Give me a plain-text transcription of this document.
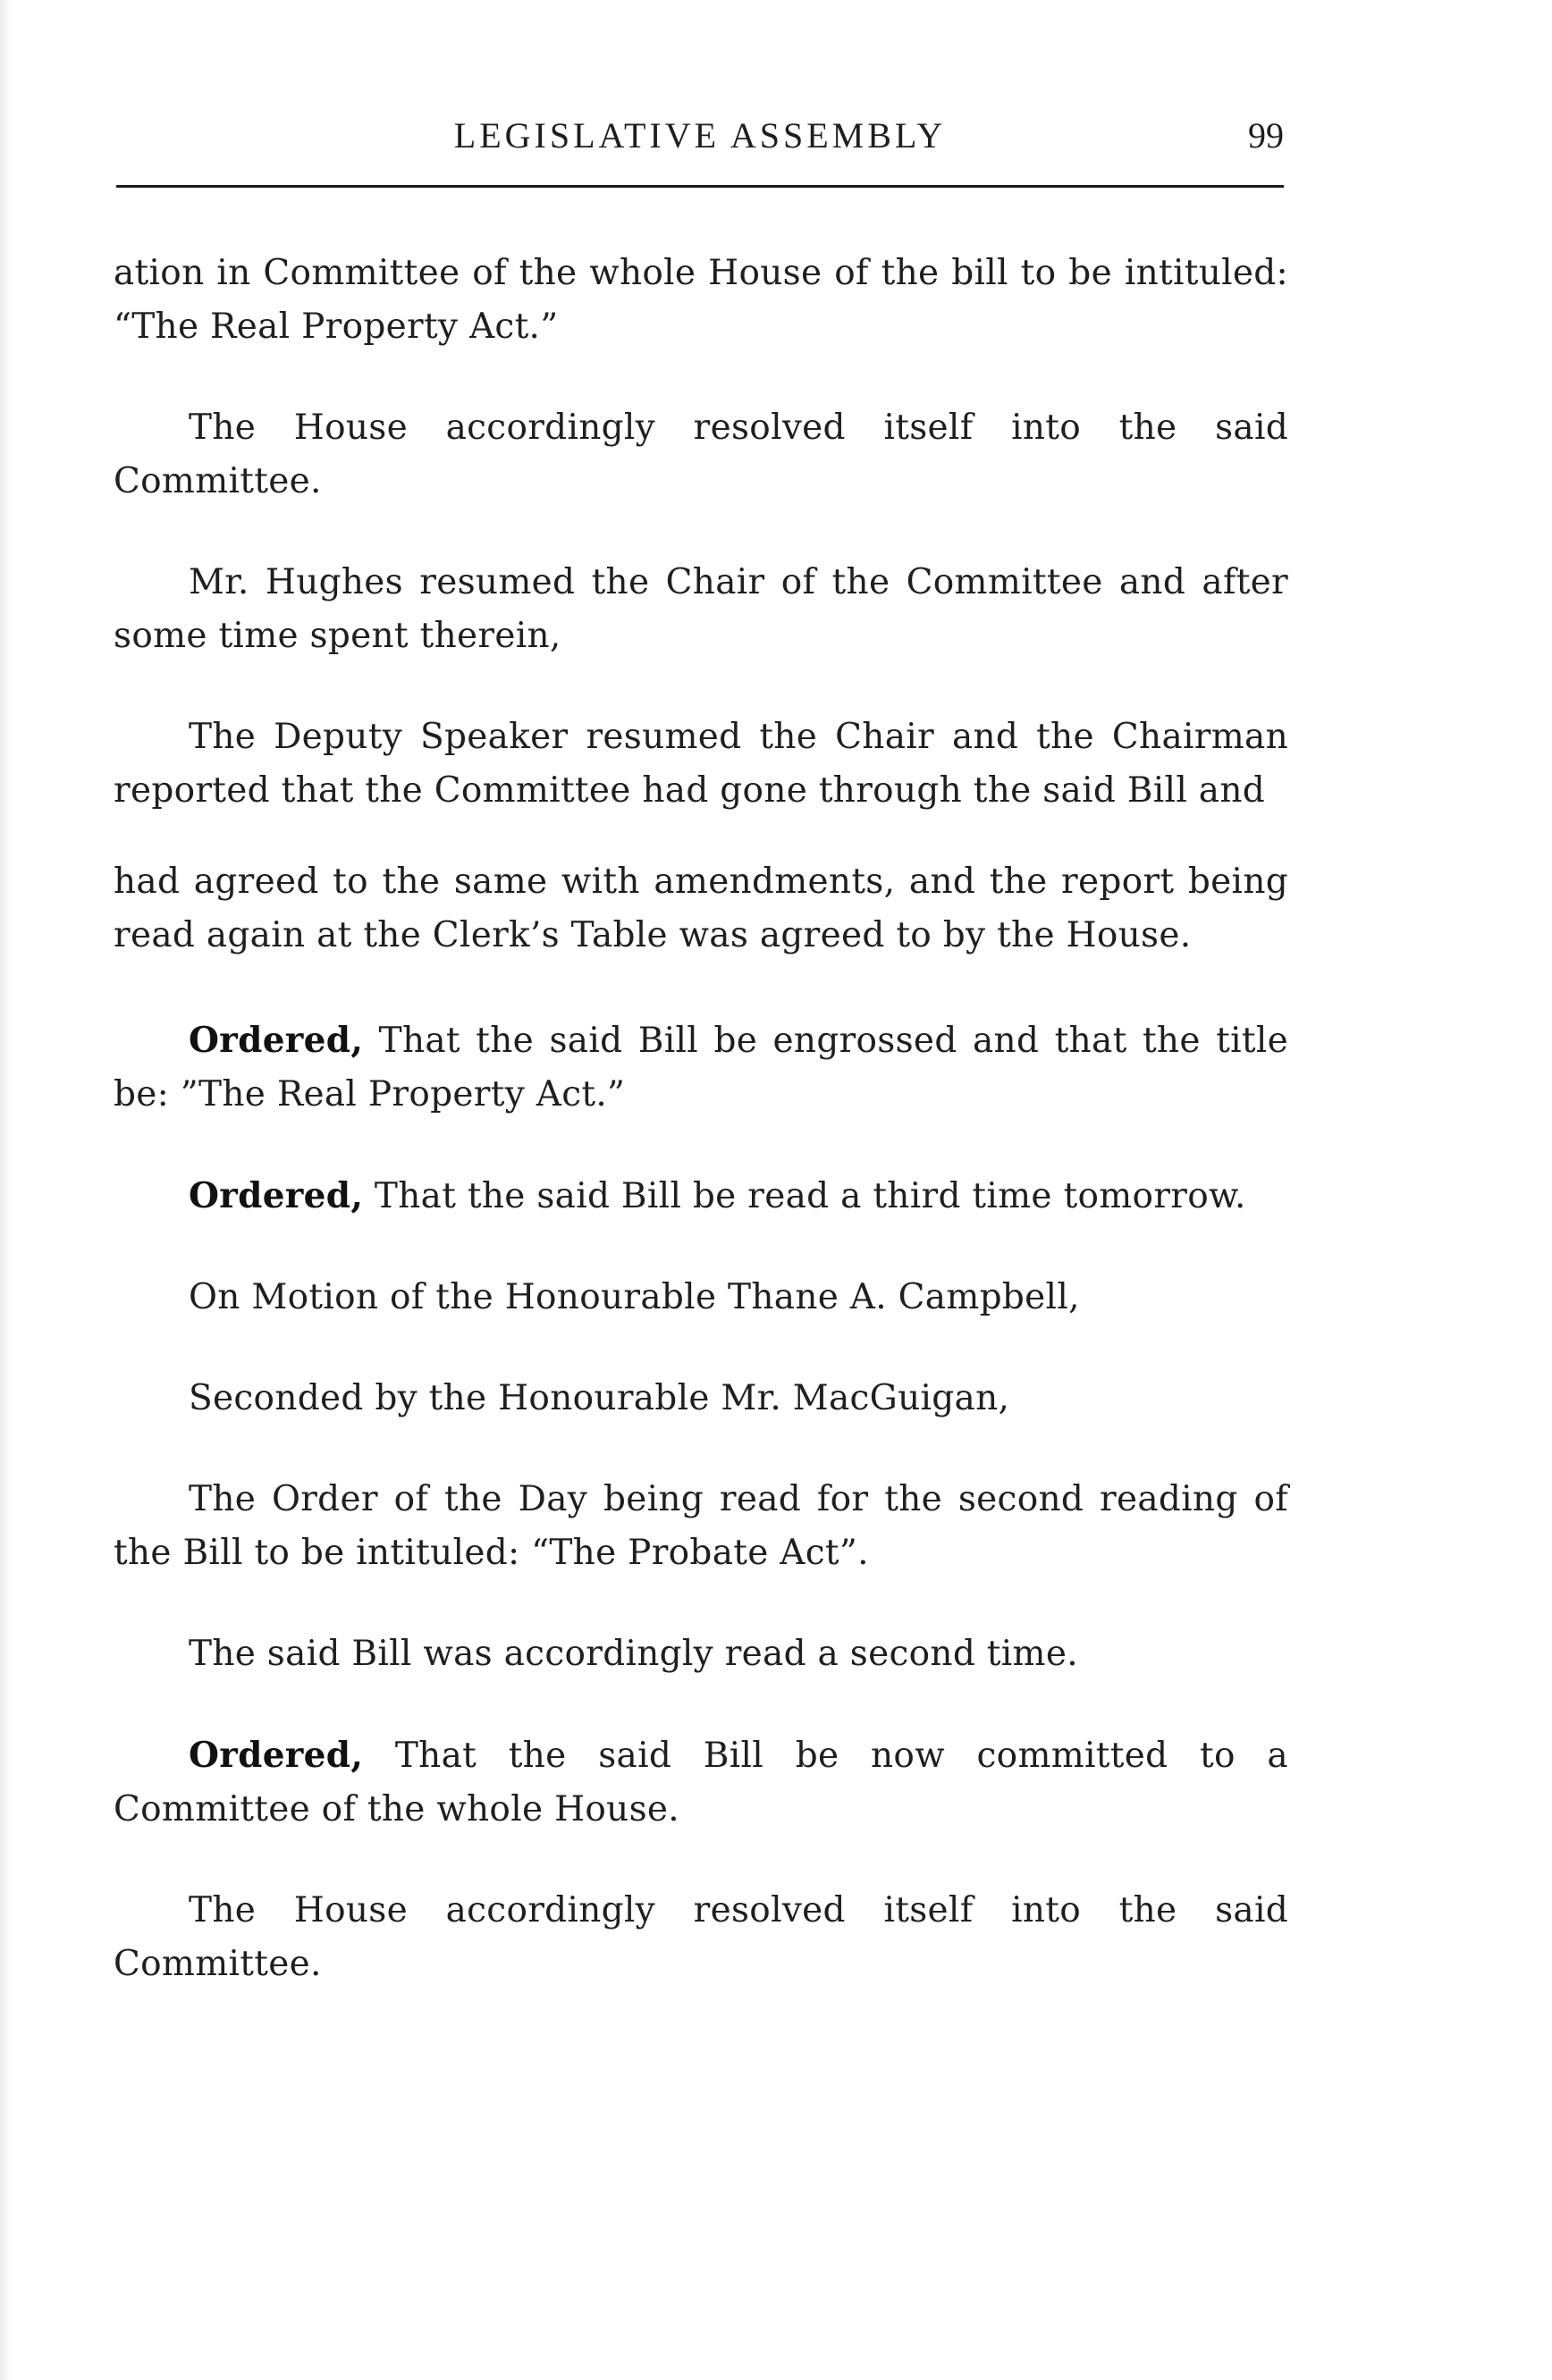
LEGISLATIVE ASSEMBLY	99

ation in Committee of the whole House of the bill to be intituled: “The Real Property Act.”

The House accordingly resolved itself into the said Committee.

Mr. Hughes resumed the Chair of the Committee and after some time spent therein,

The Deputy Speaker resumed the Chair and the Chairman reported that the Committee had gone through the said Bill and

had agreed to the same with amendments, and the report being read again at the Clerk’s Table was agreed to by the House.

Ordered, That the said Bill be engrossed and that the title be: ”The Real Property Act.”

Ordered, That the said Bill be read a third time tomorrow.

On Motion of the Honourable Thane A. Campbell,

Seconded by the Honourable Mr. MacGuigan,

The Order of the Day being read for the second reading of the Bill to be intituled: “The Probate Act”.

The said Bill was accordingly read a second time.

Ordered, That the said Bill be now committed to a Committee of the whole House.

The House accordingly resolved itself into the said Committee.
